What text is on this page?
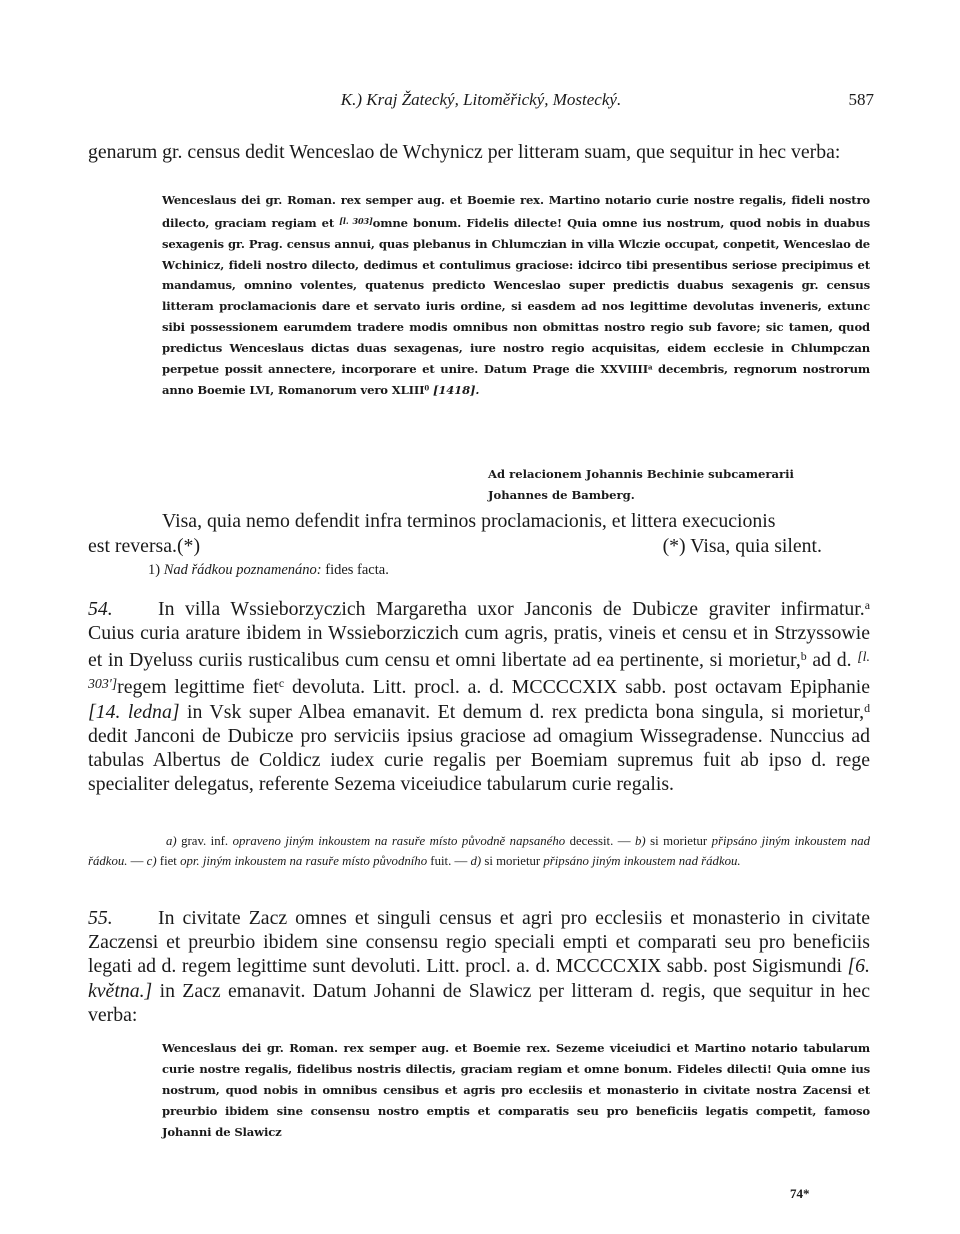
K.) Kraj Žatecký, Litoměřický, Mostecký.	587
genarum gr. census dedit Wenceslao de Wchynicz per litteram suam, que sequitur in hec verba:
Wenceslaus dei gr. Roman. rex semper aug. et Boemie rex. Martino notario curie nostre regalis, fideli nostro dilecto, graciam regiam et [l. 303]omne bonum. Fidelis dilecte! Quia omne ius nostrum, quod nobis in duabus sexagenis gr. Prag. census annui, quas plebanus in Chlumczian in villa Wlczie occupat, conpetit, Wenceslao de Wchinicz, fideli nostro dilecto, dedimus et contulimus graciose: idcirco tibi presentibus seriose precipimus et mandamus, omnino volentes, quatenus predicto Wenceslao super predictis duabus sexagenis gr. census litteram proclamacionis dare et servato iuris ordine, si easdem ad nos legittime devolutas inveneris, extunc sibi possessionem earumdem tradere modis omnibus non obmittas nostro regio sub favore; sic tamen, quod predictus Wenceslaus dictas duas sexagenas, iure nostro regio acquisitas, eidem ecclesie in Chlumpczan perpetue possit annectere, incorporare et unire. Datum Prage die XXVIIII$^a$ decembris, regnorum nostrorum anno Boemie LVI, Romanorum vero XLIII$^0$ [1418].
Ad relacionem Johannis Bechinie subcamerarii
Johannes de Bamberg.
Visa, quia nemo defendit infra terminos proclamacionis, et littera execucionis
est reversa.(*)	(*) Visa, quia silent.
1) Nad řádkou poznamenáno: fides facta.
54. In villa Wssieborzyczich Margaretha uxor Janconis de Dubicze graviter infirmatur.$^a$ Cuius curia arature ibidem in Wssieborziczich cum agris, pratis, vineis et censu et in Strzyssowie et in Dyeluss curiis rusticalibus cum censu et omni libertate ad ea pertinente, si morietur,$^b$ ad d. [l. 303']regem legittime fiet$^c$ devoluta. Litt. procl. a. d. MCCCCXIX sabb. post octavam Epiphanie [14. ledna] in Vsk super Albea emanavit. Et demum d. rex predicta bona singula, si morietur,$^d$ dedit Janconi de Dubicze pro serviciis ipsius graciose ad omagium Wissegradense. Nunccius ad tabulas Albertus de Coldicz iudex curie regalis per Boemiam supremus fuit ab ipso d. rege specialiter delegatus, referente Sezema viceiudice tabularum curie regalis.
a) grav. inf. opraveno jiným inkoustem na rasuře místo původně napsaného decessit. — b) si morietur připsáno jiným inkoustem nad řádkou. — c) fiet opr. jiným inkoustem na rasuře místo původního fuit. — d) si morietur připsáno jiným inkoustem nad řádkou.
55. In civitate Zacz omnes et singuli census et agri pro ecclesiis et monasterio in civitate Zaczensi et preurbio ibidem sine consensu regio speciali empti et comparati seu pro beneficiis legati ad d. regem legittime sunt devoluti. Litt. procl. a. d. MCCCCXIX sabb. post Sigismundi [6. května.] in Zacz emanavit. Datum Johanni de Slawicz per litteram d. regis, que sequitur in hec verba:
Wenceslaus dei gr. Roman. rex semper aug. et Boemie rex. Sezeme viceiudici et Martino notario tabularum curie nostre regalis, fidelibus nostris dilectis, graciam regiam et omne bonum. Fideles dilecti! Quia omne ius nostrum, quod nobis in omnibus censibus et agris pro ecclesiis et monasterio in civitate nostra Zacensi et preurbio ibidem sine consensu nostro emptis et comparatis seu pro beneficiis legatis competit, famoso Johanni de Slawicz
74*
